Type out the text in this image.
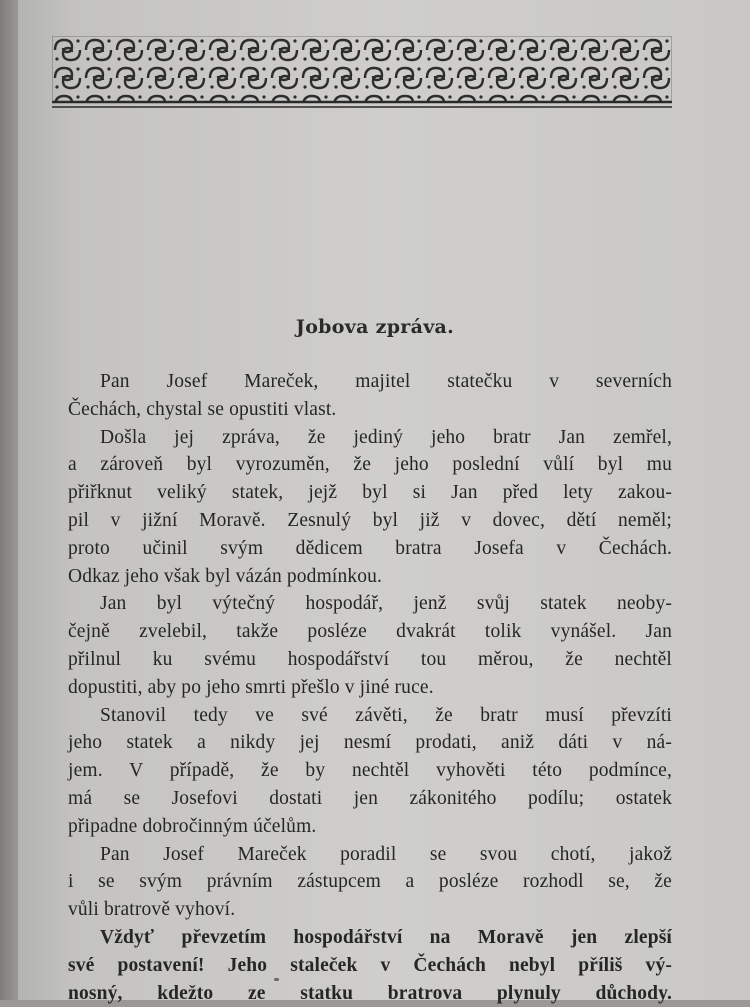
Jobova zpráva.
Pan Josef Mareček, majitel statečku v severních
Čechách, chystal se opustiti vlast.
Došla jej zpráva, že jediný jeho bratr Jan zemřel,
a zároveň byl vyrozuměn, že jeho poslední vůlí byl mu
přiřknut veliký statek, jejž byl si Jan před lety zakou-
pil v jižní Moravě. Zesnulý byl již v dovec, dětí neměl;
proto učinil svým dědicem bratra Josefa v Čechách.
Odkaz jeho však byl vázán podmínkou.
Jan byl výtečný hospodář, jenž svůj statek neoby-
čejně zvelebil, takže posléze dvakrát tolik vynášel. Jan
přilnul ku svému hospodářství tou měrou, že nechtěl
dopustiti, aby po jeho smrti přešlo v jiné ruce.
Stanovil tedy ve své závěti, že bratr musí převzíti
jeho statek a nikdy jej nesmí prodati, aniž dáti v ná-
jem. V případě, že by nechtěl vyhověti této podmínce,
má se Josefovi dostati jen zákonitého podílu; ostatek
připadne dobročinným účelům.
Pan Josef Mareček poradil se svou chotí, jakož
i se svým právním zástupcem a posléze rozhodl se, že
vůli bratrově vyhoví.
Vždyť převzetím hospodářství na Moravě jen zlepší
své postavení! Jeho staleček v Čechách nebyl příliš vý-
nosný, kdežto ze statku bratrova plynuly důchody.
